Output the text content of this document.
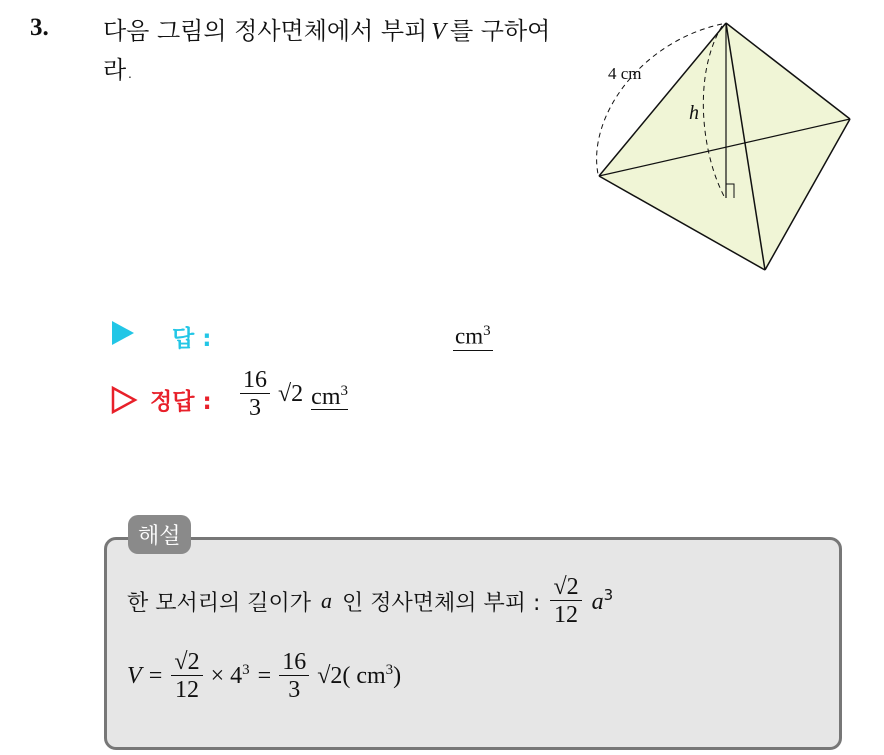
3. 다음 그림의 정사면체에서 부피 V 를 구하여라.	4 cm
h
답 :	$cm^3$
정답 : $\frac{16}{3} √2$ $cm^3$
해설
한 모서리의 길이가 a 인 정사면체의 부피 : $\frac{√2}{12} a^3$
$V = \frac{√2}{12} \times 4^3 = \frac{16}{3} √2$( $cm^3$)
